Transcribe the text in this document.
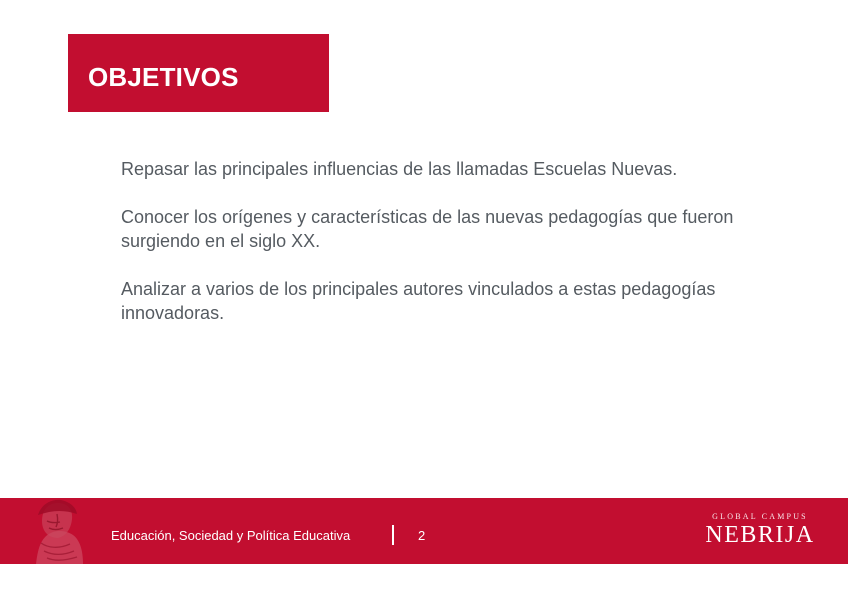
OBJETIVOS
Repasar las principales influencias de las llamadas Escuelas Nuevas.
Conocer los orígenes y características de las nuevas pedagogías que fueron surgiendo en el siglo XX.
Analizar a varios de los principales autores vinculados a estas pedagogías innovadoras.
Educación, Sociedad y Política Educativa	2
GLOBAL CAMPUS
NEBRIJA
